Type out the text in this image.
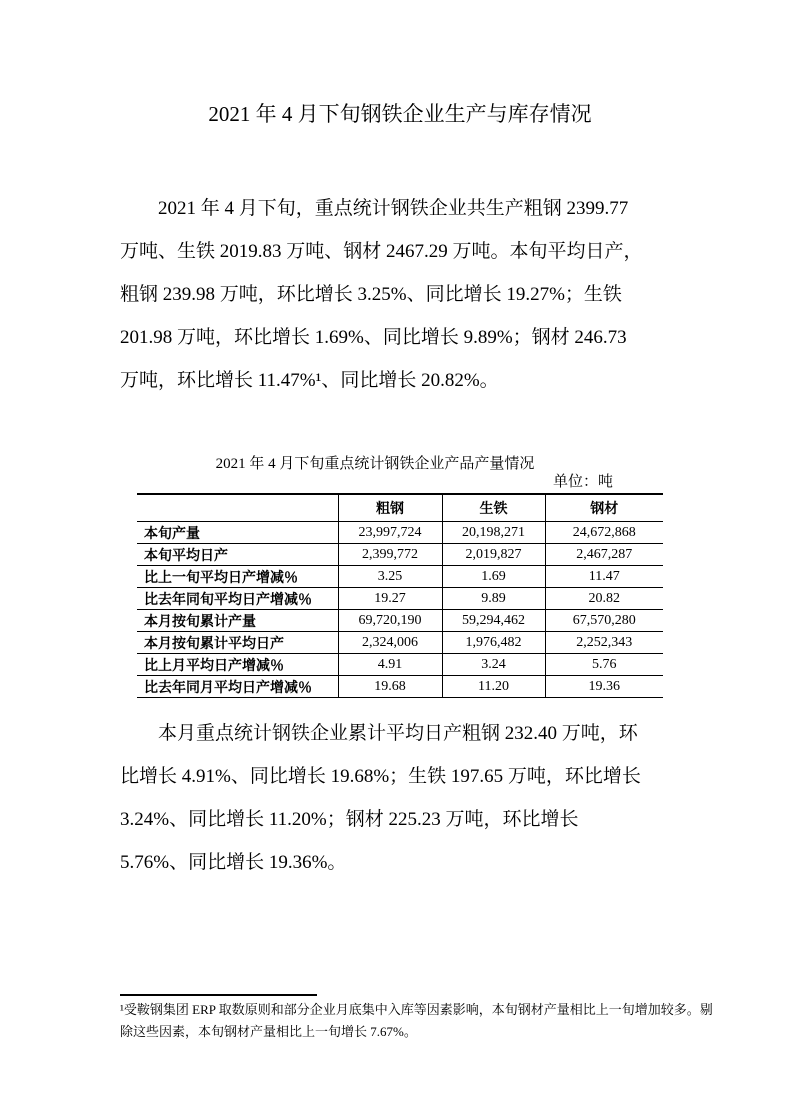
2021 年 4 月下旬钢铁企业生产与库存情况
2021 年 4 月下旬，重点统计钢铁企业共生产粗钢 2399.77
万吨、生铁 2019.83 万吨、钢材 2467.29 万吨。本旬平均日产，
粗钢 239.98 万吨，环比增长 3.25%、同比增长 19.27%；生铁
201.98 万吨，环比增长 1.69%、同比增长 9.89%；钢材 246.73
万吨，环比增长 11.47%¹、同比增长 20.82%。
2021 年 4 月下旬重点统计钢铁企业产品产量情况
单位：吨
	粗钢	生铁	钢材
本旬产量	23,997,724	20,198,271	24,672,868
本旬平均日产	2,399,772	2,019,827	2,467,287
比上一旬平均日产增减％	3.25	1.69	11.47
比去年同旬平均日产增减％	19.27	9.89	20.82
本月按旬累计产量	69,720,190	59,294,462	67,570,280
本月按旬累计平均日产	2,324,006	1,976,482	2,252,343
比上月平均日产增减％	4.91	3.24	5.76
比去年同月平均日产增减％	19.68	11.20	19.36
本月重点统计钢铁企业累计平均日产粗钢 232.40 万吨，环
比增长 4.91%、同比增长 19.68%；生铁 197.65 万吨，环比增长
3.24%、同比增长 11.20%；钢材 225.23 万吨，环比增长
5.76%、同比增长 19.36%。
¹受鞍钢集团 ERP 取数原则和部分企业月底集中入库等因素影响，本旬钢材产量相比上一旬增加较多。剔
除这些因素，本旬钢材产量相比上一旬增长 7.67%。
